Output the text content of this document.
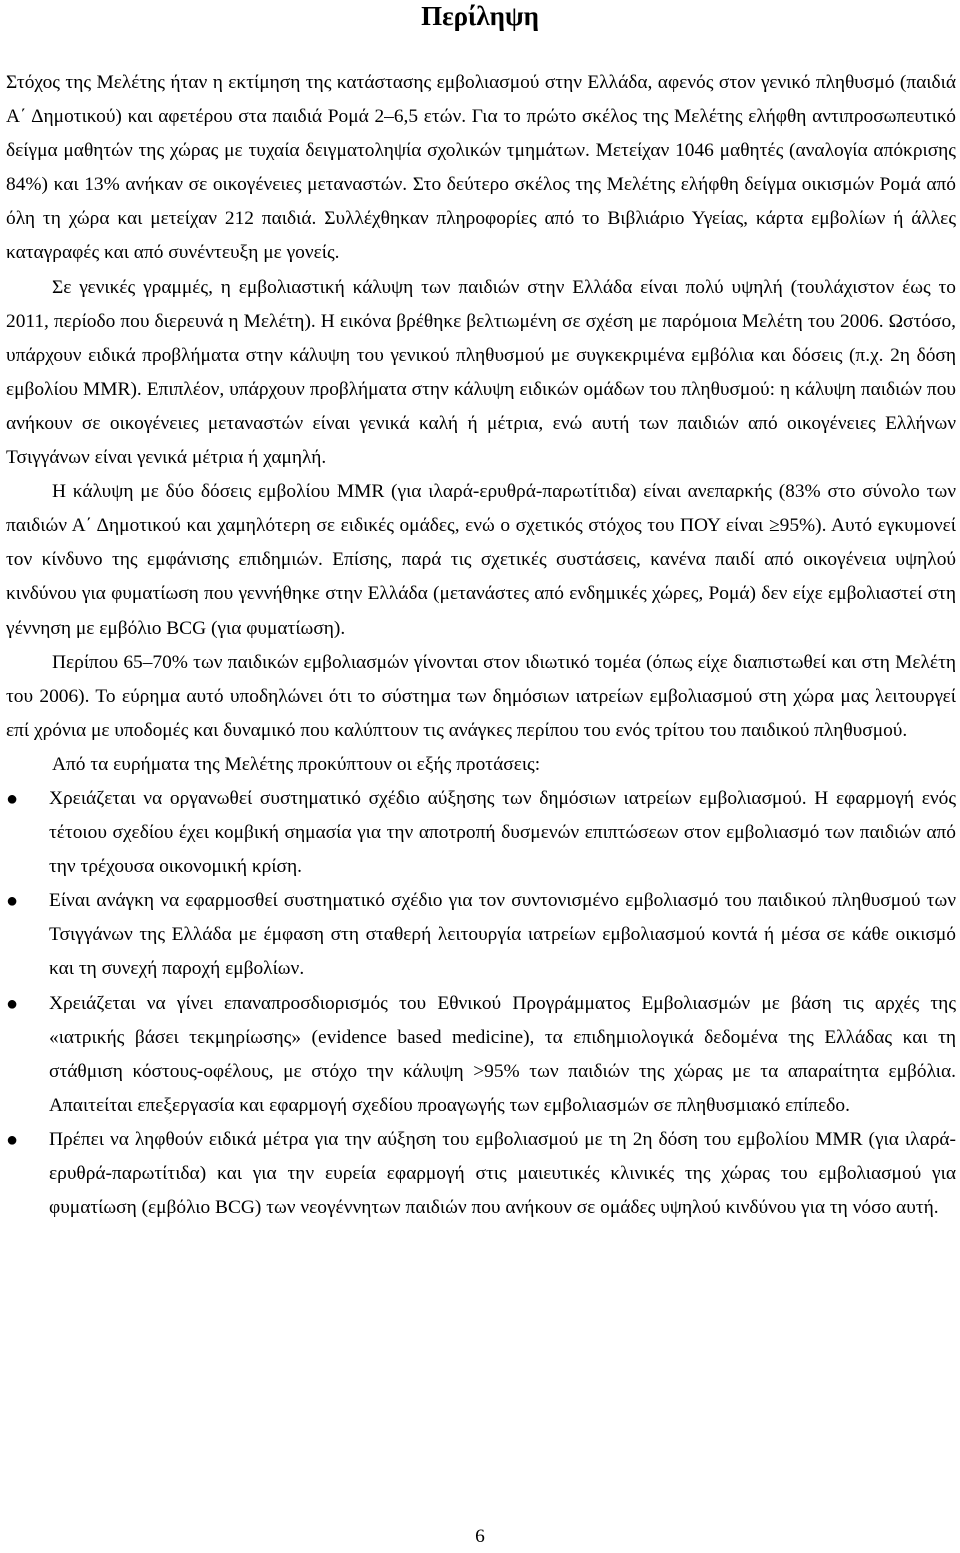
Περίληψη

Στόχος της Μελέτης ήταν η εκτίμηση της κατάστασης εμβολιασμού στην Ελλάδα, αφενός στον γενικό πληθυσμό (παιδιά Α΄ Δημοτικού) και αφετέρου στα παιδιά Ρομά 2–6,5 ετών. Για το πρώτο σκέλος της Μελέτης ελήφθη αντιπροσωπευτικό δείγμα μαθητών της χώρας με τυχαία δειγματοληψία σχολικών τμημάτων. Μετείχαν 1046 μαθητές (αναλογία απόκρισης 84%) και 13% ανήκαν σε οικογένειες μεταναστών. Στο δεύτερο σκέλος της Μελέτης ελήφθη δείγμα οικισμών Ρομά από όλη τη χώρα και μετείχαν 212 παιδιά. Συλλέχθηκαν πληροφορίες από το Βιβλιάριο Υγείας, κάρτα εμβολίων ή άλλες καταγραφές και από συνέντευξη με γονείς.

Σε γενικές γραμμές, η εμβολιαστική κάλυψη των παιδιών στην Ελλάδα είναι πολύ υψηλή (τουλάχιστον έως το 2011, περίοδο που διερευνά η Μελέτη). Η εικόνα βρέθηκε βελτιωμένη σε σχέση με παρόμοια Μελέτη του 2006. Ωστόσο, υπάρχουν ειδικά προβλήματα στην κάλυψη του γενικού πληθυσμού με συγκεκριμένα εμβόλια και δόσεις (π.χ. 2η δόση εμβολίου MMR). Επιπλέον, υπάρχουν προβλήματα στην κάλυψη ειδικών ομάδων του πληθυσμού: η κάλυψη παιδιών που ανήκουν σε οικογένειες μεταναστών είναι γενικά καλή ή μέτρια, ενώ αυτή των παιδιών από οικογένειες Ελλήνων Τσιγγάνων είναι γενικά μέτρια ή χαμηλή.

Η κάλυψη με δύο δόσεις εμβολίου MMR (για ιλαρά-ερυθρά-παρωτίτιδα) είναι ανεπαρκής (83% στο σύνολο των παιδιών Α΄ Δημοτικού και χαμηλότερη σε ειδικές ομάδες, ενώ ο σχετικός στόχος του ΠΟΥ είναι ≥95%). Αυτό εγκυμονεί τον κίνδυνο της εμφάνισης επιδημιών. Επίσης, παρά τις σχετικές συστάσεις, κανένα παιδί από οικογένεια υψηλού κινδύνου για φυματίωση που γεννήθηκε στην Ελλάδα (μετανάστες από ενδημικές χώρες, Ρομά) δεν είχε εμβολιαστεί στη γέννηση με εμβόλιο BCG (για φυματίωση).

Περίπου 65–70% των παιδικών εμβολιασμών γίνονται στον ιδιωτικό τομέα (όπως είχε διαπιστωθεί και στη Μελέτη του 2006). Το εύρημα αυτό υποδηλώνει ότι το σύστημα των δημόσιων ιατρείων εμβολιασμού στη χώρα μας λειτουργεί επί χρόνια με υποδομές και δυναμικό που καλύπτουν τις ανάγκες περίπου του ενός τρίτου του παιδικού πληθυσμού.

Από τα ευρήματα της Μελέτης προκύπτουν οι εξής προτάσεις:

● Χρειάζεται να οργανωθεί συστηματικό σχέδιο αύξησης των δημόσιων ιατρείων εμβολιασμού. Η εφαρμογή ενός τέτοιου σχεδίου έχει κομβική σημασία για την αποτροπή δυσμενών επιπτώσεων στον εμβολιασμό των παιδιών από την τρέχουσα οικονομική κρίση.
● Είναι ανάγκη να εφαρμοσθεί συστηματικό σχέδιο για τον συντονισμένο εμβολιασμό του παιδικού πληθυσμού των Τσιγγάνων της Ελλάδα με έμφαση στη σταθερή λειτουργία ιατρείων εμβολιασμού κοντά ή μέσα σε κάθε οικισμό και τη συνεχή παροχή εμβολίων.
● Χρειάζεται να γίνει επαναπροσδιορισμός του Εθνικού Προγράμματος Εμβολιασμών με βάση τις αρχές της «ιατρικής βάσει τεκμηρίωσης» (evidence based medicine), τα επιδημιολογικά δεδομένα της Ελλάδας και τη στάθμιση κόστους-οφέλους, με στόχο την κάλυψη >95% των παιδιών της χώρας με τα απαραίτητα εμβόλια. Απαιτείται επεξεργασία και εφαρμογή σχεδίου προαγωγής των εμβολιασμών σε πληθυσμιακό επίπεδο.
● Πρέπει να ληφθούν ειδικά μέτρα για την αύξηση του εμβολιασμού με τη 2η δόση του εμβολίου MMR (για ιλαρά-ερυθρά-παρωτίτιδα) και για την ευρεία εφαρμογή στις μαιευτικές κλινικές της χώρας του εμβολιασμού για φυματίωση (εμβόλιο BCG) των νεογέννητων παιδιών που ανήκουν σε ομάδες υψηλού κινδύνου για τη νόσο αυτή.
6
